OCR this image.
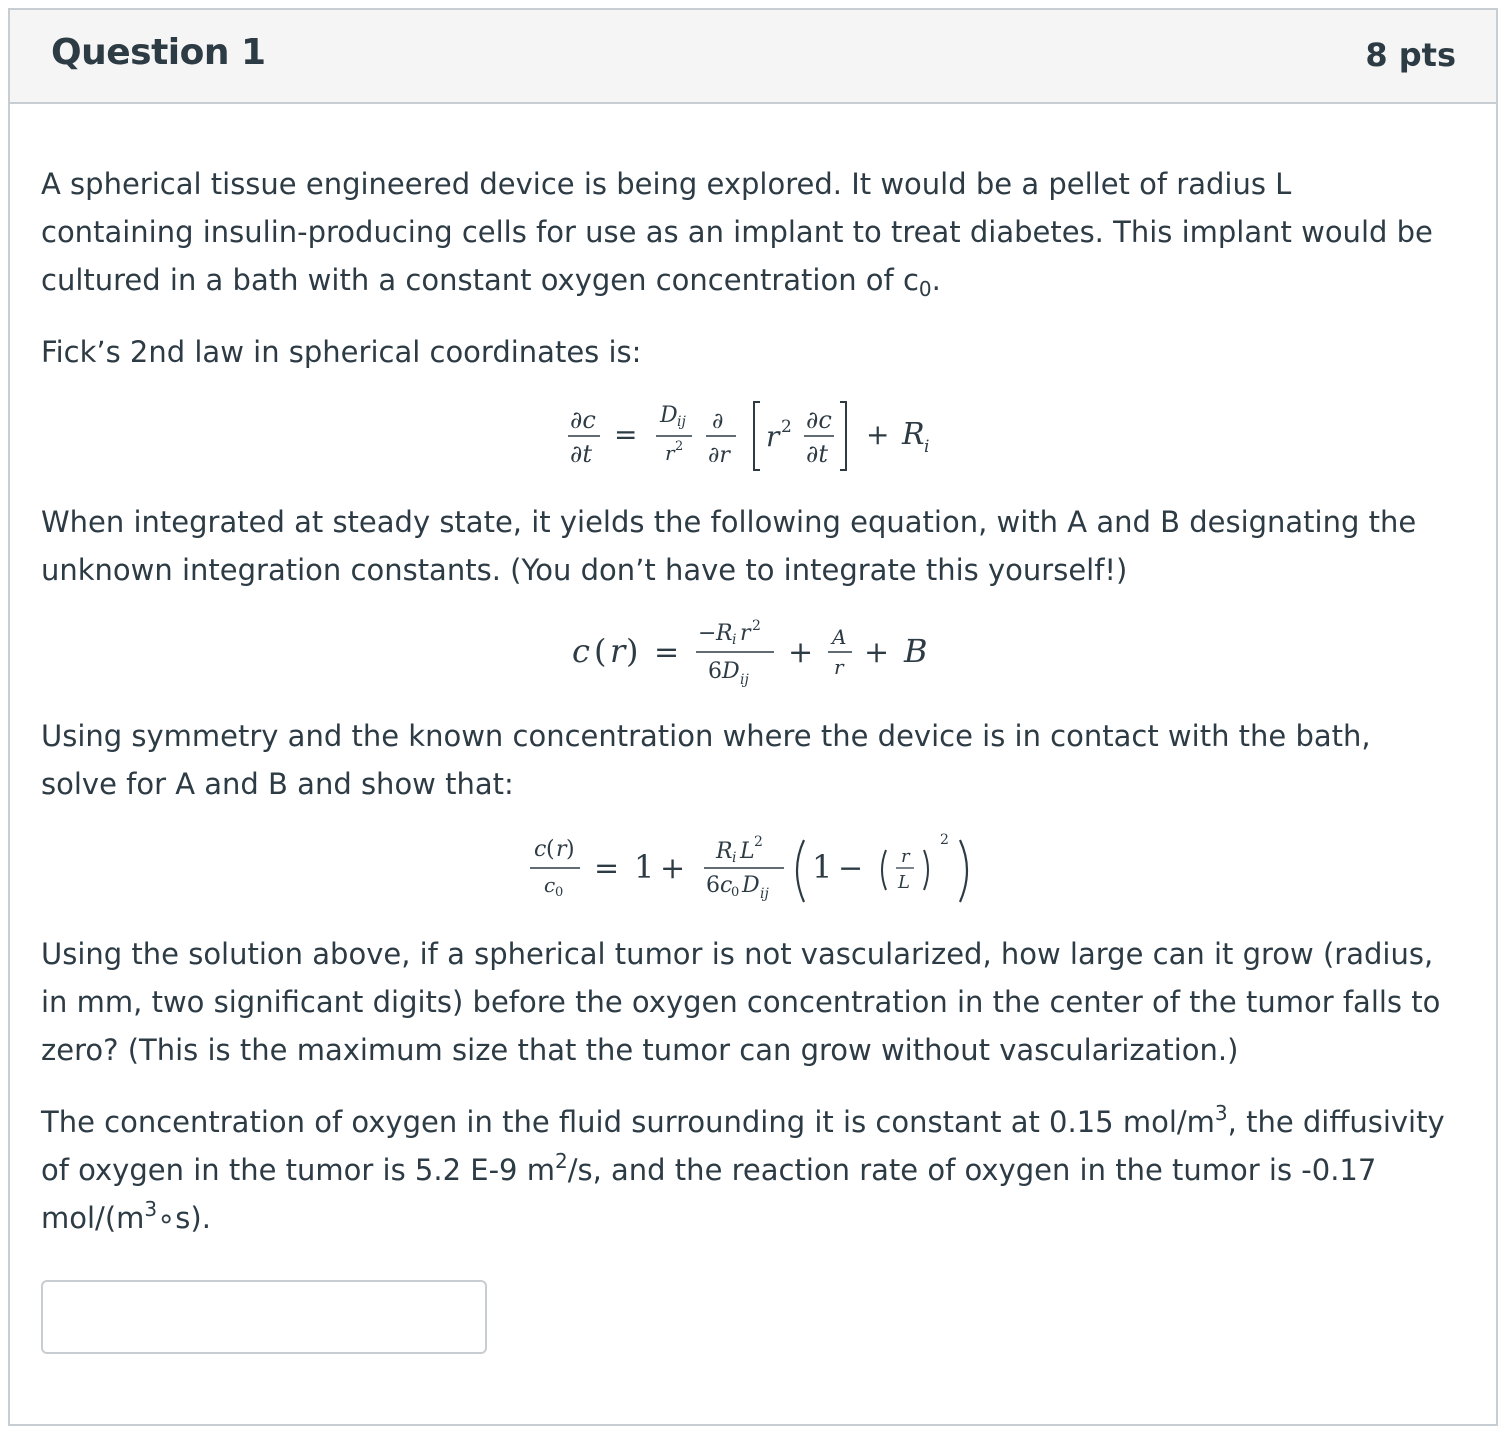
Question 1	8 pts
A spherical tissue engineered device is being explored. It would be a pellet of radius L containing insulin-producing cells for use as an implant to treat diabetes. This implant would be cultured in a bath with a constant oxygen concentration of $c_0$.
Fick’s 2nd law in spherical coordinates is:
When integrated at steady state, it yields the following equation, with A and B designating the unknown integration constants. (You don’t have to integrate this yourself!)
Using symmetry and the known concentration where the device is in contact with the bath, solve for A and B and show that:
Using the solution above, if a spherical tumor is not vascularized, how large can it grow (radius, in mm, two significant digits) before the oxygen concentration in the center of the tumor falls to zero? (This is the maximum size that the tumor can grow without vascularization.)
The concentration of oxygen in the fluid surrounding it is constant at 0.15 mol/$m^3$, the diffusivity of oxygen in the tumor is 5.2 E-9 $m^2/s$, and the reaction rate of oxygen in the tumor is -0.17 mol/$(m^3\circ s)$.
∂c
∂t
=
D ij
r 2
∂
∂r
r 2 ∂c
∂t
+ R i
c ( r ) =
− R i r 2
6 D ij
+ A
r + B
c ( r )
c 0
= 1 + R i L 2
6 c
0 D ij
1 − r
L
2
